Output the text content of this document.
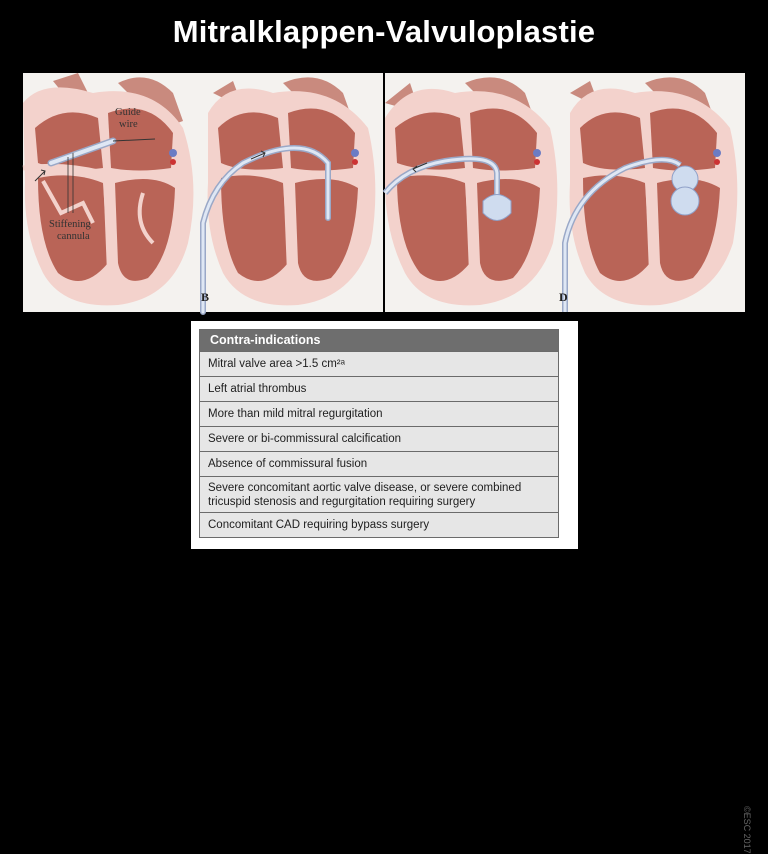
Mitralklappen-Valvuloplastie
Guide
wire
Stiffening
cannula
B	D
Contra-indications
Mitral valve area >1.5 cm²ᵃ
Left atrial thrombus
More than mild mitral regurgitation
Severe or bi-commissural calcification
Absence of commissural fusion
Severe concomitant aortic valve disease, or severe combined
tricuspid stenosis and regurgitation requiring surgery
Concomitant CAD requiring bypass surgery
©ESC 2017
